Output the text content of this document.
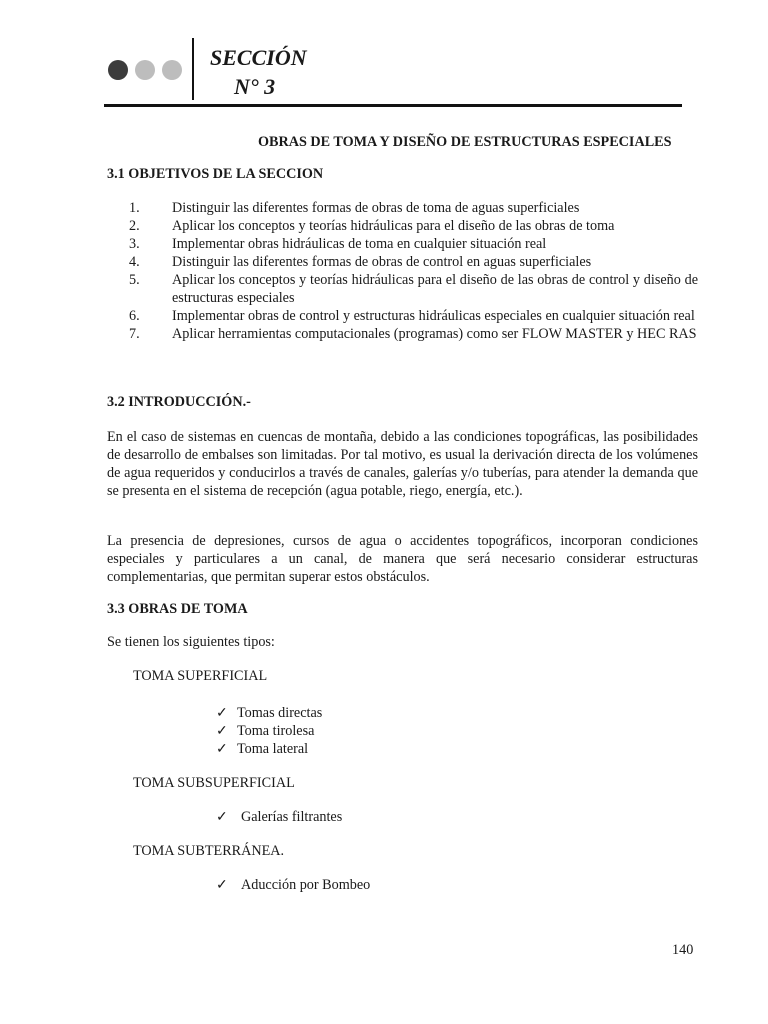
SECCIÓN
N° 3
OBRAS DE TOMA Y DISEÑO DE ESTRUCTURAS ESPECIALES
3.1 OBJETIVOS DE LA SECCION
1.	Distinguir las diferentes formas de obras de toma de aguas superficiales
2.	Aplicar los conceptos y teorías hidráulicas para el diseño de las obras de toma
3.	Implementar obras hidráulicas de toma en cualquier situación real
4.	Distinguir las diferentes formas de obras de control en aguas superficiales
5.	Aplicar los conceptos y teorías hidráulicas para el diseño de las obras de control y diseño de estructuras especiales
6.	Implementar obras de control y estructuras hidráulicas especiales en cualquier situación real
7.	Aplicar herramientas computacionales (programas) como ser FLOW MASTER y HEC RAS
3.2 INTRODUCCIÓN.-

En el caso de sistemas en cuencas de montaña, debido a las condiciones topográficas, las posibilidades de desarrollo de embalses son limitadas. Por tal motivo, es usual la derivación directa de los volúmenes de agua requeridos y conducirlos a través de canales, galerías y/o tuberías, para atender la demanda que se presenta en el sistema de recepción (agua potable, riego, energía, etc.).

La presencia de depresiones, cursos de agua o accidentes topográficos, incorporan condiciones especiales y particulares a un canal, de manera que será necesario considerar estructuras complementarias, que permitan superar estos obstáculos.

3.3 OBRAS DE TOMA
Se tienen los siguientes tipos:
TOMA SUPERFICIAL
✓ Tomas directas
✓ Toma tirolesa
✓ Toma lateral
TOMA SUBSUPERFICIAL
✓ Galerías filtrantes
TOMA SUBTERRÁNEA.
✓ Aducción por Bombeo
140
